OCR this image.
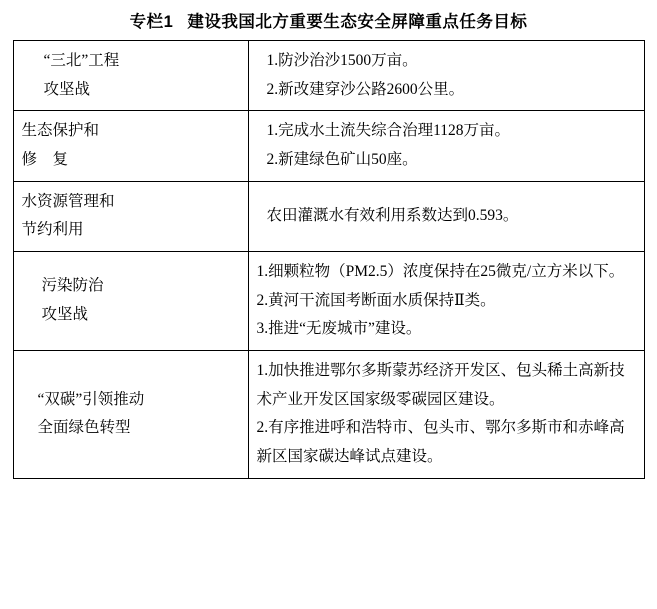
专栏1 建设我国北方重要生态安全屏障重点任务目标
“三北”工程
攻坚战	1.防沙治沙1500万亩。
2.新改建穿沙公路2600公里。

生态保护和
修　复	1.完成水土流失综合治理1128万亩。
2.新建绿色矿山50座。

水资源管理和
节约利用	农田灌溉水有效利用系数达到0.593。

污染防治
攻坚战	1.细颗粒物（PM2.5）浓度保持在25微克/立方米以下。
2.黄河干流国考断面水质保持Ⅱ类。
3.推进“无废城市”建设。

“双碳”引领推动
全面绿色转型	1.加快推进鄂尔多斯蒙苏经济开发区、包头稀土高新技术产业开发区国家级零碳园区建设。
2.有序推进呼和浩特市、包头市、鄂尔多斯市和赤峰高新区国家碳达峰试点建设。
